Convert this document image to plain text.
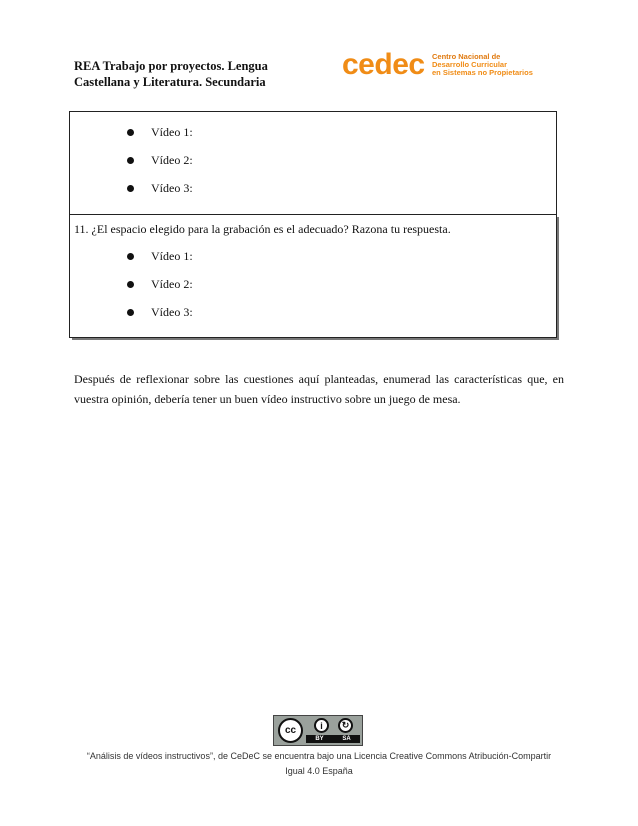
REA Trabajo por proyectos. Lengua
Castellana y Literatura. Secundaria
cedec Centro Nacional de
Desarrollo Curricular
en Sistemas no Propietarios
Vídeo 1:
Vídeo 2:
Vídeo 3:
11. ¿El espacio elegido para la grabación es el adecuado? Razona tu respuesta.
Vídeo 1:
Vídeo 2:
Vídeo 3:
Después de reflexionar sobre las cuestiones aquí planteadas, enumerad las características que, en vuestra opinión, debería tener un buen vídeo instructivo sobre un juego de mesa.
cc	i	↻
BY	SA
“Análisis de vídeos instructivos”, de CeDeC se encuentra bajo una Licencia Creative Commons Atribución-Compartir
Igual 4.0 España
